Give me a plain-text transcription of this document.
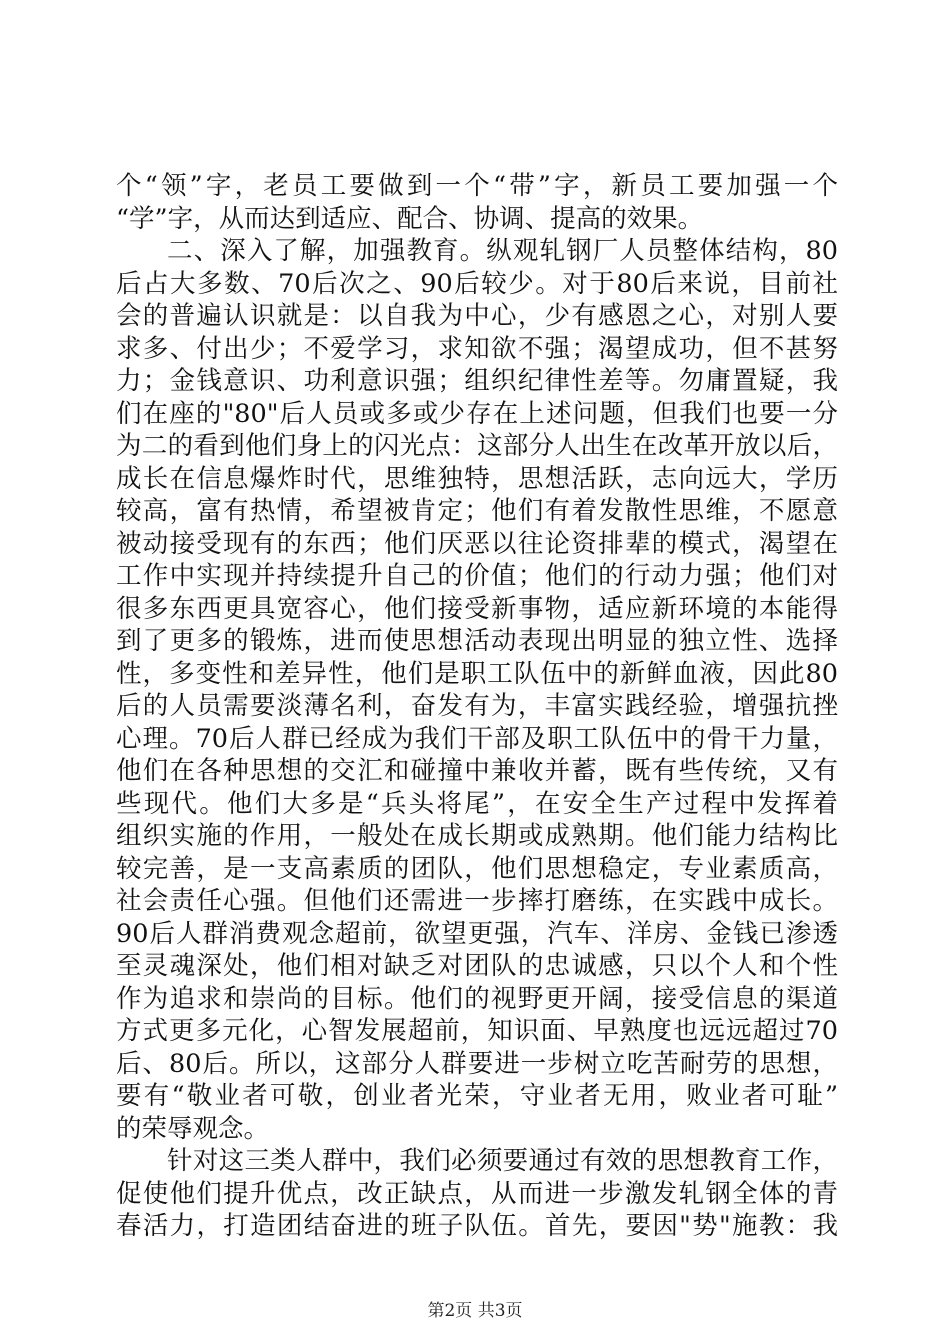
个“领”字，老员工要做到一个“带”字，新员工要加强一个
“学”字，从而达到适应、配合、协调、提高的效果。
二、深入了解，加强教育。纵观轧钢厂人员整体结构，80
后占大多数、70后次之、90后较少。对于80后来说，目前社
会的普遍认识就是：以自我为中心，少有感恩之心，对别人要
求多、付出少；不爱学习，求知欲不强；渴望成功，但不甚努
力；金钱意识、功利意识强；组织纪律性差等。勿庸置疑，我
们在座的"80"后人员或多或少存在上述问题，但我们也要一分
为二的看到他们身上的闪光点：这部分人出生在改革开放以后，
成长在信息爆炸时代，思维独特，思想活跃，志向远大，学历
较高，富有热情，希望被肯定；他们有着发散性思维，不愿意
被动接受现有的东西；他们厌恶以往论资排辈的模式，渴望在
工作中实现并持续提升自己的价值；他们的行动力强；他们对
很多东西更具宽容心，他们接受新事物，适应新环境的本能得
到了更多的锻炼，进而使思想活动表现出明显的独立性、选择
性，多变性和差异性，他们是职工队伍中的新鲜血液，因此80
后的人员需要淡薄名利，奋发有为，丰富实践经验，增强抗挫
心理。70后人群已经成为我们干部及职工队伍中的骨干力量，
他们在各种思想的交汇和碰撞中兼收并蓄，既有些传统，又有
些现代。他们大多是“兵头将尾”，在安全生产过程中发挥着
组织实施的作用，一般处在成长期或成熟期。他们能力结构比
较完善，是一支高素质的团队，他们思想稳定，专业素质高，
社会责任心强。但他们还需进一步摔打磨练，在实践中成长。
90后人群消费观念超前，欲望更强，汽车、洋房、金钱已渗透
至灵魂深处，他们相对缺乏对团队的忠诚感，只以个人和个性
作为追求和崇尚的目标。他们的视野更开阔，接受信息的渠道
方式更多元化，心智发展超前，知识面、早熟度也远远超过70
后、80后。所以，这部分人群要进一步树立吃苦耐劳的思想，
要有“敬业者可敬，创业者光荣，守业者无用，败业者可耻”
的荣辱观念。
针对这三类人群中，我们必须要通过有效的思想教育工作，
促使他们提升优点，改正缺点，从而进一步激发轧钢全体的青
春活力，打造团结奋进的班子队伍。首先，要因"势"施教：我
第2页 共3页
